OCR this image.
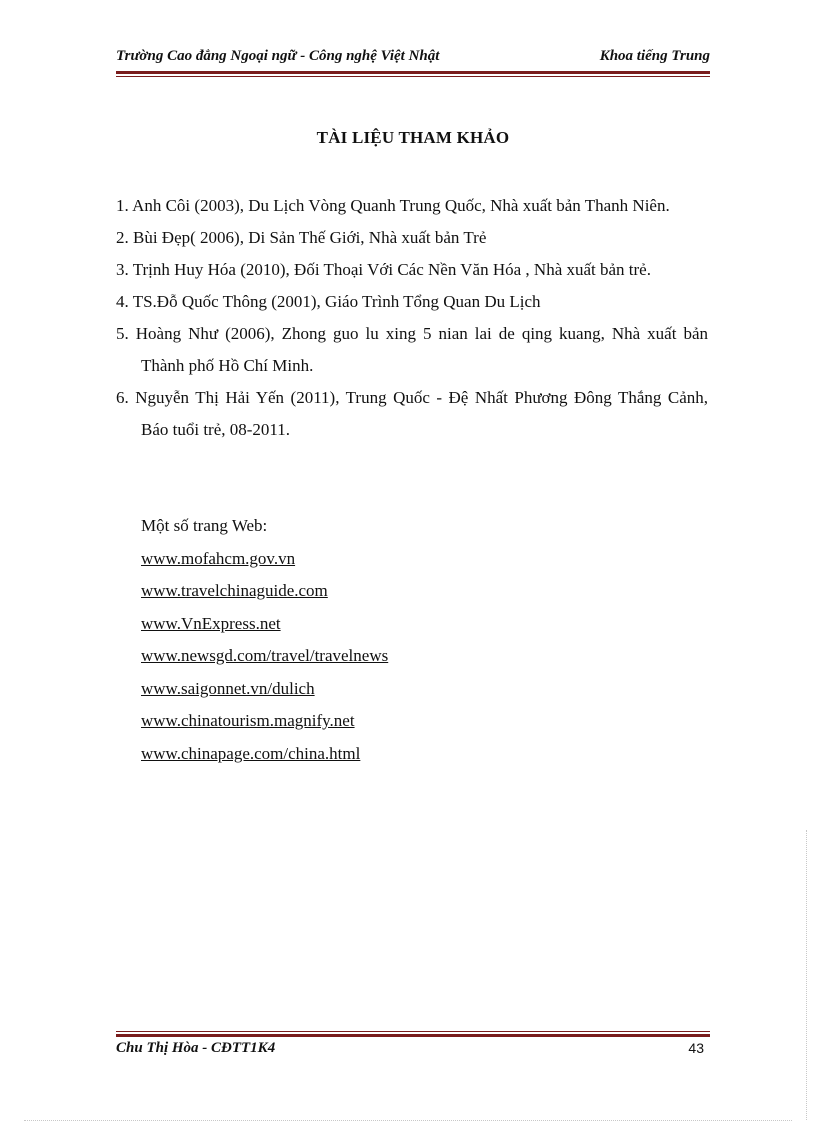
Trường Cao đẳng Ngoại ngữ - Công nghệ Việt Nhật	Khoa tiếng Trung
TÀI LIỆU THAM KHẢO
1. Anh Côi (2003), Du Lịch Vòng Quanh Trung Quốc, Nhà xuất bản Thanh Niên.
2. Bùi Đẹp( 2006), Di Sản Thế Giới, Nhà xuất bản Trẻ
3. Trịnh Huy Hóa (2010), Đối Thoại Với Các Nền Văn Hóa , Nhà xuất bản trẻ.
4. TS.Đỗ Quốc Thông (2001), Giáo Trình Tổng Quan Du Lịch
5. Hoàng Như (2006), Zhong guo lu xing 5 nian lai de qing kuang, Nhà xuất bản Thành phố Hồ Chí Minh.
6. Nguyễn Thị Hải Yến (2011), Trung Quốc - Đệ Nhất Phương Đông Thắng Cảnh, Báo tuổi trẻ, 08-2011.
Một số trang Web:
www.mofahcm.gov.vn
www.travelchinaguide.com
www.VnExpress.net
www.newsgd.com/travel/travelnews
www.saigonnet.vn/dulich
www.chinatourism.magnify.net
www.chinapage.com/china.html
Chu Thị Hòa - CĐTT1K4	43
